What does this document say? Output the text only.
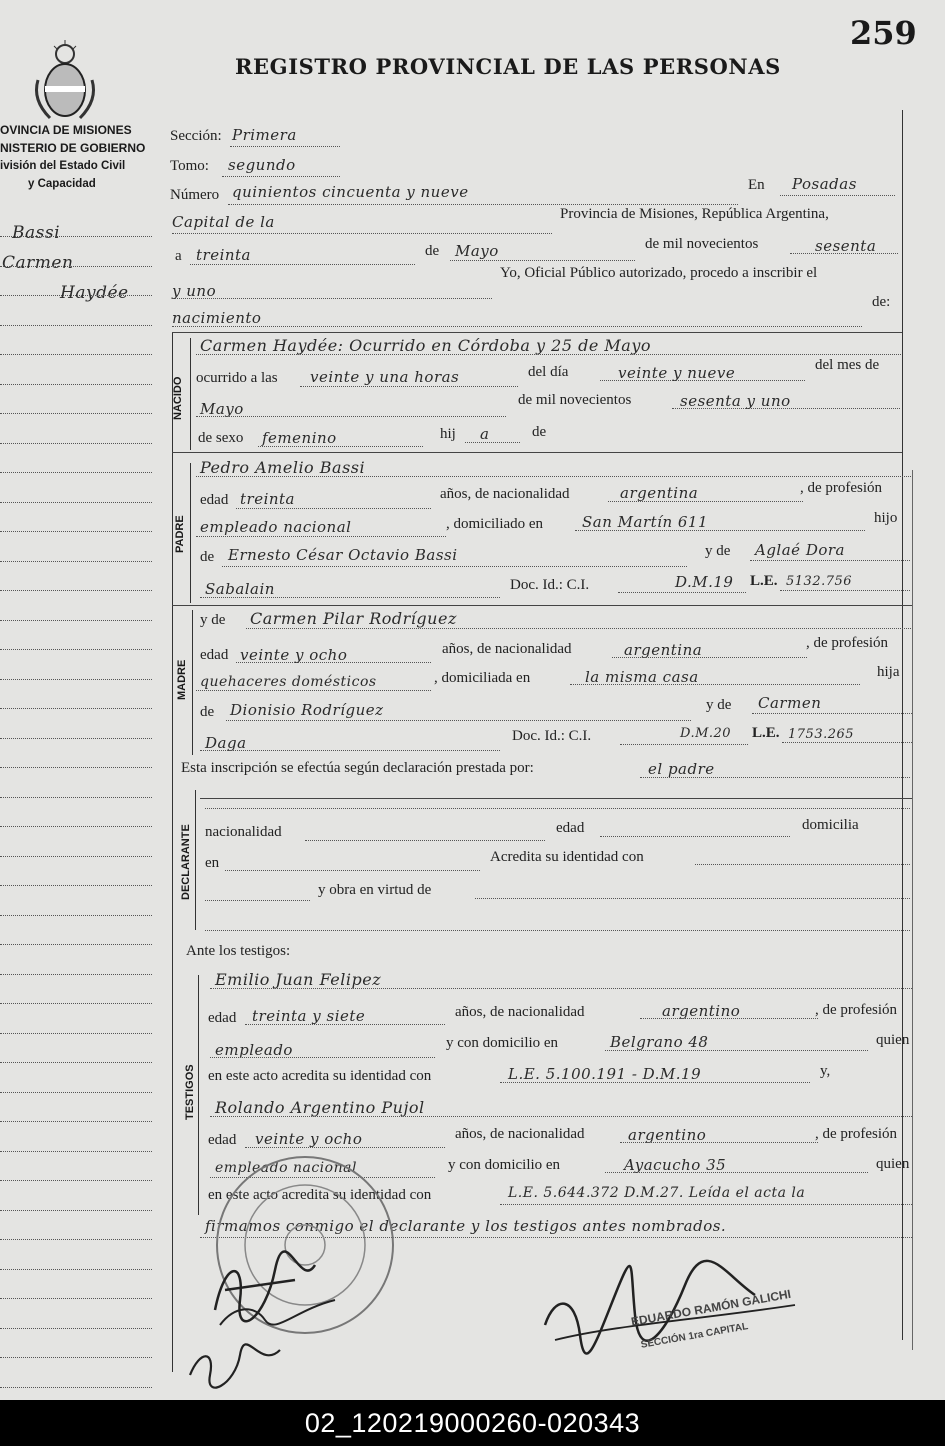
259
REGISTRO PROVINCIAL DE LAS PERSONAS
OVINCIA DE MISIONES
NISTERIO DE GOBIERNO
ivisión del Estado Civil
y Capacidad
Bassi
Carmen
Haydée
NACIDO
PADRE
MADRE
DECLARANTE
TESTIGOS
Sección: Primera
Tomo: segundo
Número quinientos cincuenta y nueve	En Posadas
Capital de la	Provincia de Misiones, República Argentina,
a treinta	de Mayo	de mil novecientos	sesenta
y uno
Yo, Oficial Público autorizado, procedo a inscribir el
nacimiento
de:
Carmen Haydée: Ocurrido en Córdoba y 25 de Mayo
ocurrido a las veinte y una horas	del día	veinte y nueve	del mes de
Mayo	de mil novecientos	sesenta y uno
de sexo femenino	hij a	de
Pedro Amelio Bassi
edad treinta	años, de nacionalidad	argentina	, de profesión
empleado nacional	, domiciliado en	San Martín 611	hijo
de Ernesto César Octavio Bassi	y de Aglaé Dora
Sabalain	Doc. Id.: C.I.	D.M.19 L.E. 5132.756
y de Carmen Pilar Rodríguez
edad veinte y ocho	años, de nacionalidad	argentina	, de profesión
quehaceres domésticos	, domiciliada en	la misma casa	hija
de Dionisio Rodríguez	y de Carmen
Daga	Doc. Id.: C.I.	D.M.20 L.E. 1753.265
Esta inscripción se efectúa según declaración prestada por:	el padre
nacionalidad	edad	domicilia
en	Acredita su identidad con
y obra en virtud de
Ante los testigos:
Emilio Juan Felipez
edad treinta y siete	años, de nacionalidad	argentino	, de profesión
empleado	y con domicilio en	Belgrano 48	quien
en este acto acredita su identidad con	L.E. 5.100.191 - D.M.19	y,
Rolando Argentino Pujol
edad veinte y ocho	años, de nacionalidad	argentino	, de profesión
empleado nacional	y con domicilio en	Ayacucho 35	quien
en este acto acredita su identidad con	L.E. 5.644.372 D.M.27. Leída el acta la
firmamos conmigo el declarante y los testigos antes nombrados.
EDUARDO RAMÓN GALICHI
SECCIÓN 1ra CAPITAL
02_120219000260-020343
